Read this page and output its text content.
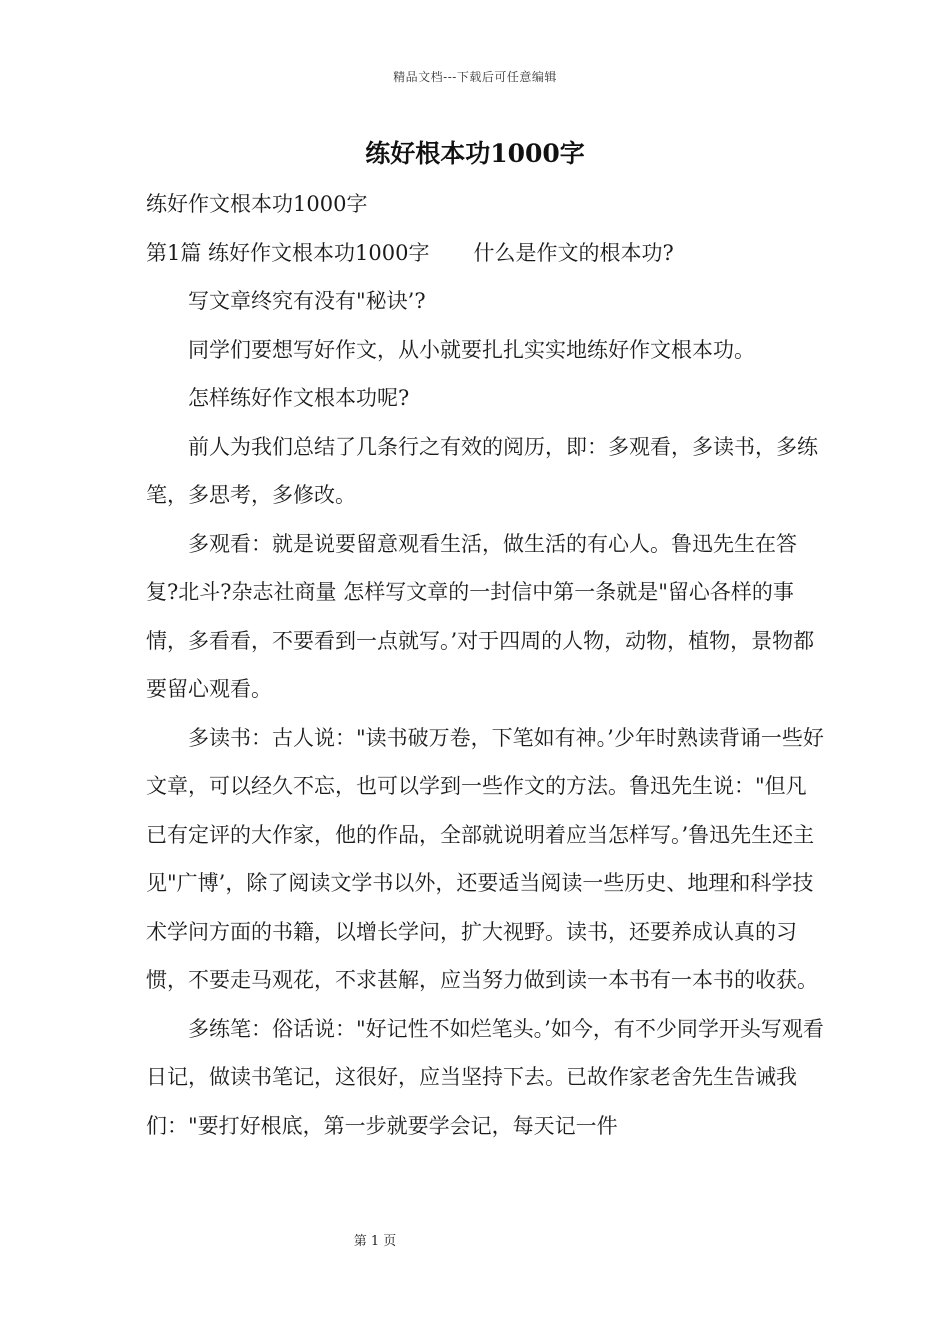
精品文档---下载后可任意编辑
练好根本功1000字

练好作文根本功1000字

第1篇 练好作文根本功1000字 什么是作文的根本功?

写文章终究有没有"秘诀’?

同学们要想写好作文，从小就要扎扎实实地练好作文根本功。

怎样练好作文根本功呢?

前人为我们总结了几条行之有效的阅历，即：多观看，多读书，多练笔，多思考，多修改。

多观看：就是说要留意观看生活，做生活的有心人。鲁迅先生在答复?北斗?杂志社商量 怎样写文章的一封信中第一条就是"留心各样的事情，多看看，不要看到一点就写。’对于四周的人物，动物，植物，景物都要留心观看。

多读书：古人说："读书破万卷，下笔如有神。’少年时熟读背诵一些好文章，可以经久不忘，也可以学到一些作文的方法。鲁迅先生说："但凡已有定评的大作家，他的作品，全部就说明着应当怎样写。’鲁迅先生还主见"广博’，除了阅读文学书以外，还要适当阅读一些历史、地理和科学技术学问方面的书籍，以增长学问，扩大视野。读书，还要养成认真的习惯，不要走马观花，不求甚解，应当努力做到读一本书有一本书的收获。

多练笔：俗话说："好记性不如烂笔头。’如今，有不少同学开头写观看日记，做读书笔记，这很好，应当坚持下去。已故作家老舍先生告诫我们："要打好根底，第一步就要学会记，每天记一件

第 1 页
